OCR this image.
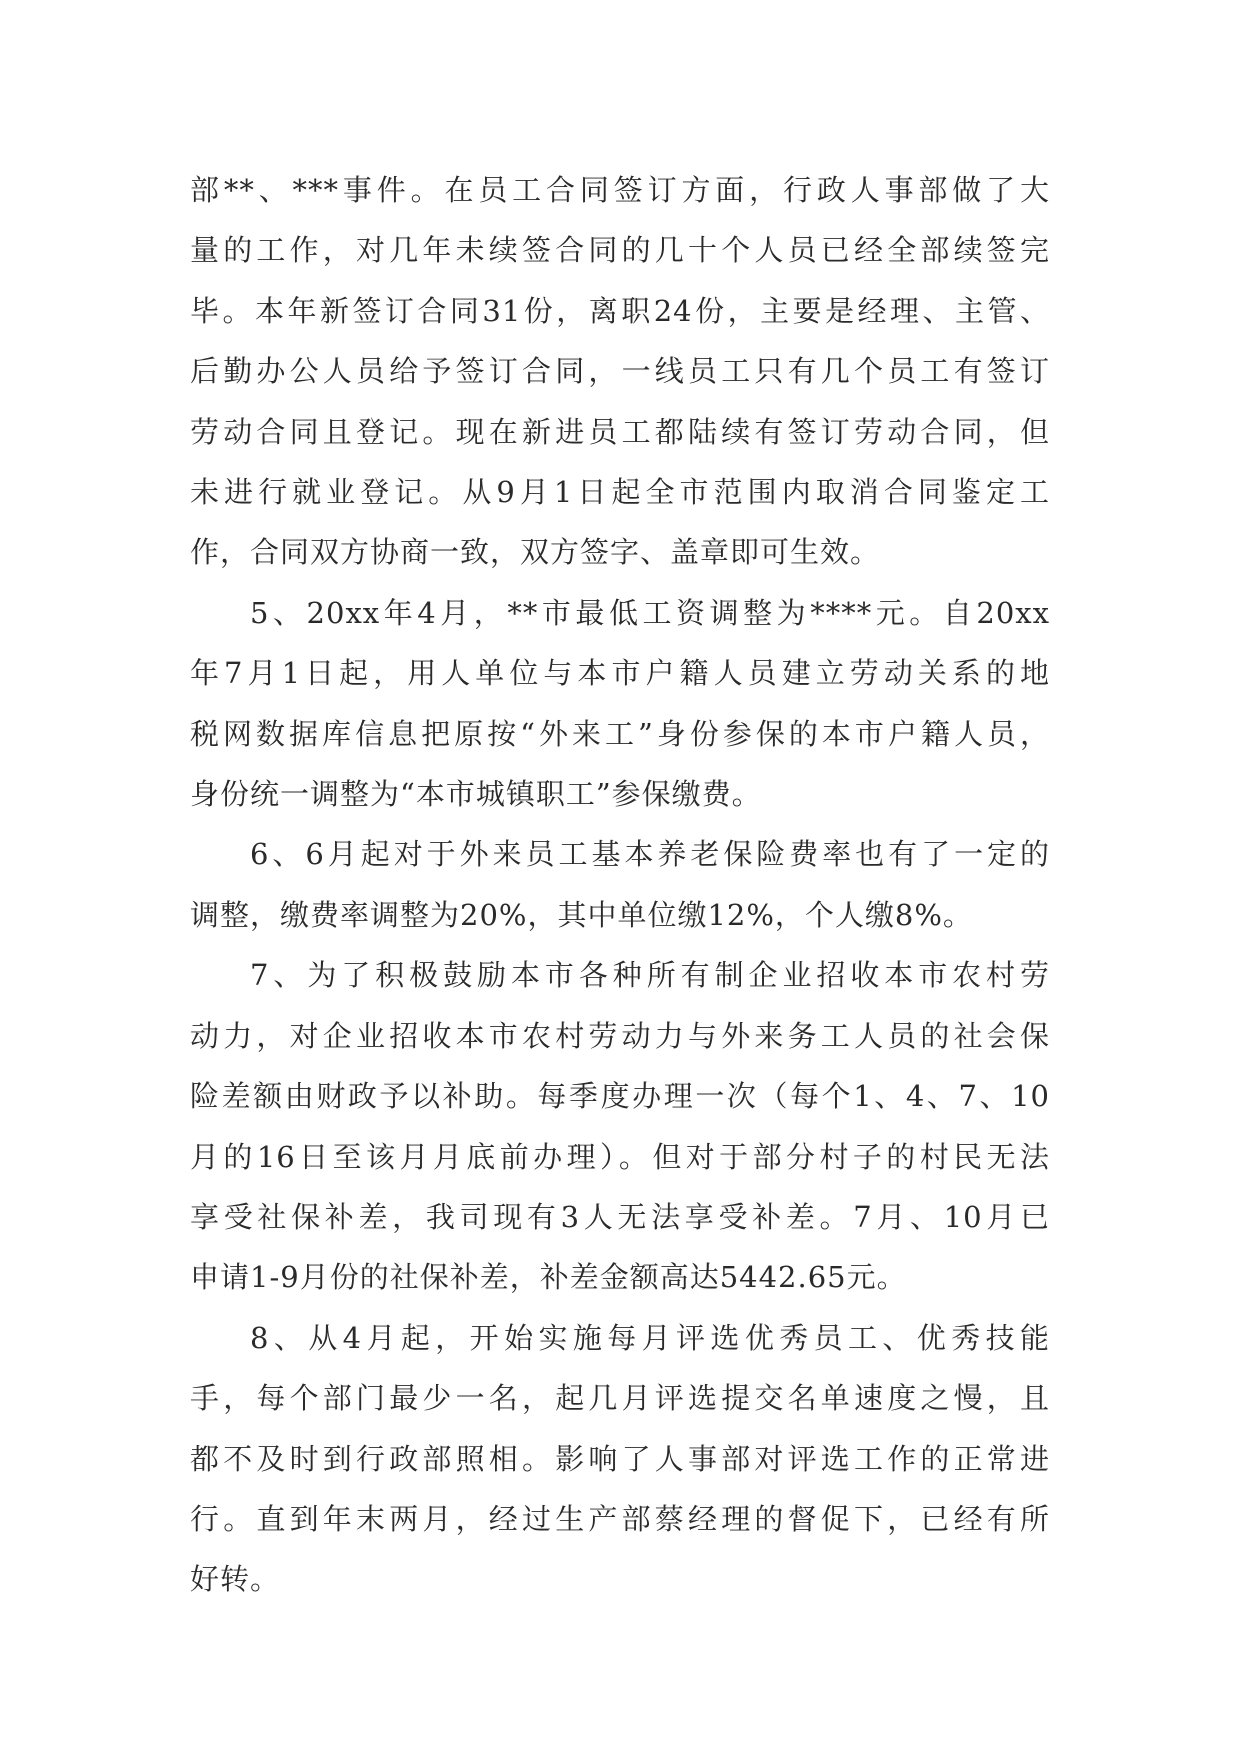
部**、***事件。在员工合同签订方面，行政人事部做了大
量的工作，对几年未续签合同的几十个人员已经全部续签完
毕。本年新签订合同31份，离职24份，主要是经理、主管、
后勤办公人员给予签订合同，一线员工只有几个员工有签订
劳动合同且登记。现在新进员工都陆续有签订劳动合同，但
未进行就业登记。从9月1日起全市范围内取消合同鉴定工
作，合同双方协商一致，双方签字、盖章即可生效。

5、20xx年4月，**市最低工资调整为****元。自20xx
年7月1日起，用人单位与本市户籍人员建立劳动关系的地
税网数据库信息把原按“外来工”身份参保的本市户籍人员，
身份统一调整为“本市城镇职工”参保缴费。

6、6月起对于外来员工基本养老保险费率也有了一定的
调整，缴费率调整为20%，其中单位缴12%，个人缴8%。

7、为了积极鼓励本市各种所有制企业招收本市农村劳
动力，对企业招收本市农村劳动力与外来务工人员的社会保
险差额由财政予以补助。每季度办理一次（每个1、4、7、10
月的16日至该月月底前办理）。但对于部分村子的村民无法
享受社保补差，我司现有3人无法享受补差。7月、10月已
申请1-9月份的社保补差，补差金额高达5442.65元。

8、从4月起，开始实施每月评选优秀员工、优秀技能
手，每个部门最少一名，起几月评选提交名单速度之慢，且
都不及时到行政部照相。影响了人事部对评选工作的正常进
行。直到年末两月，经过生产部蔡经理的督促下，已经有所
好转。
